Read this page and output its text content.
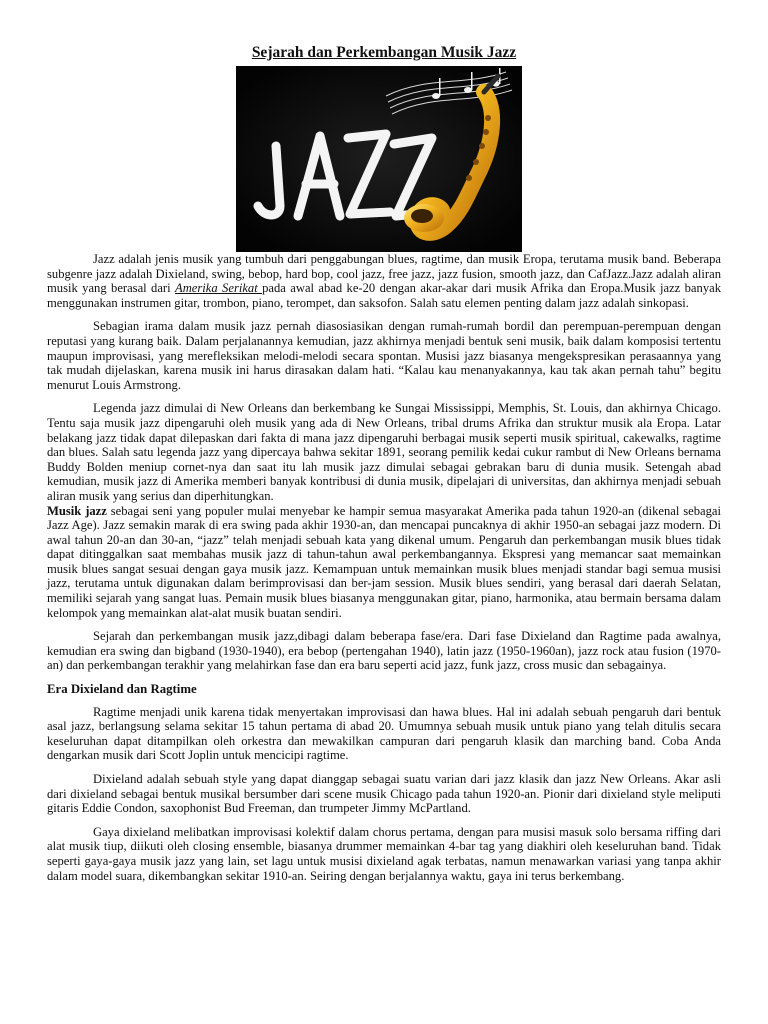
Sejarah dan Perkembangan Musik Jazz

Jazz adalah jenis musik yang tumbuh dari penggabungan blues, ragtime, dan musik Eropa, terutama musik band. Beberapa subgenre jazz adalah Dixieland, swing, bebop, hard bop, cool jazz, free jazz, jazz fusion, smooth jazz, dan CafJazz.Jazz adalah aliran musik yang berasal dari Amerika Serikat pada awal abad ke-20 dengan akar-akar dari musik Afrika dan Eropa.Musik jazz banyak menggunakan instrumen gitar, trombon, piano, terompet, dan saksofon. Salah satu elemen penting dalam jazz adalah sinkopasi.

Sebagian irama dalam musik jazz pernah diasosiasikan dengan rumah-rumah bordil dan perempuan-perempuan dengan reputasi yang kurang baik. Dalam perjalanannya kemudian, jazz akhirnya menjadi bentuk seni musik, baik dalam komposisi tertentu maupun improvisasi, yang merefleksikan melodi-melodi secara spontan. Musisi jazz biasanya mengekspresikan perasaannya yang tak mudah dijelaskan, karena musik ini harus dirasakan dalam hati. “Kalau kau menanyakannya, kau tak akan pernah tahu” begitu menurut Louis Armstrong.

Legenda jazz dimulai di New Orleans dan berkembang ke Sungai Mississippi, Memphis, St. Louis, dan akhirnya Chicago. Tentu saja musik jazz dipengaruhi oleh musik yang ada di New Orleans, tribal drums Afrika dan struktur musik ala Eropa. Latar belakang jazz tidak dapat dilepaskan dari fakta di mana jazz dipengaruhi berbagai musik seperti musik spiritual, cakewalks, ragtime dan blues. Salah satu legenda jazz yang dipercaya bahwa sekitar 1891, seorang pemilik kedai cukur rambut di New Orleans bernama Buddy Bolden meniup cornet-nya dan saat itu lah musik jazz dimulai sebagai gebrakan baru di dunia musik. Setengah abad kemudian, musik jazz di Amerika memberi banyak kontribusi di dunia musik, dipelajari di universitas, dan akhirnya menjadi sebuah aliran musik yang serius dan diperhitungkan.

Musik jazz sebagai seni yang populer mulai menyebar ke hampir semua masyarakat Amerika pada tahun 1920-an (dikenal sebagai Jazz Age). Jazz semakin marak di era swing pada akhir 1930-an, dan mencapai puncaknya di akhir 1950-an sebagai jazz modern. Di awal tahun 20-an dan 30-an, “jazz” telah menjadi sebuah kata yang dikenal umum. Pengaruh dan perkembangan musik blues tidak dapat ditinggalkan saat membahas musik jazz di tahun-tahun awal perkembangannya. Ekspresi yang memancar saat memainkan musik blues sangat sesuai dengan gaya musik jazz. Kemampuan untuk memainkan musik blues menjadi standar bagi semua musisi jazz, terutama untuk digunakan dalam berimprovisasi dan ber-jam session. Musik blues sendiri, yang berasal dari daerah Selatan, memiliki sejarah yang sangat luas. Pemain musik blues biasanya menggunakan gitar, piano, harmonika, atau bermain bersama dalam kelompok yang memainkan alat-alat musik buatan sendiri.

Sejarah dan perkembangan musik jazz,dibagi dalam beberapa fase/era. Dari fase Dixieland dan Ragtime pada awalnya, kemudian era swing dan bigband (1930-1940), era bebop (pertengahan 1940), latin jazz (1950-1960an), jazz rock atau fusion (1970-an) dan perkembangan terakhir yang melahirkan fase dan era baru seperti acid jazz, funk jazz, cross music dan sebagainya.

Era Dixieland dan Ragtime

Ragtime menjadi unik karena tidak menyertakan improvisasi dan hawa blues. Hal ini adalah sebuah pengaruh dari bentuk asal jazz, berlangsung selama sekitar 15 tahun pertama di abad 20. Umumnya sebuah musik untuk piano yang telah ditulis secara keseluruhan dapat ditampilkan oleh orkestra dan mewakilkan campuran dari pengaruh klasik dan marching band. Coba Anda dengarkan musik dari Scott Joplin untuk mencicipi ragtime.

Dixieland adalah sebuah style yang dapat dianggap sebagai suatu varian dari jazz klasik dan jazz New Orleans. Akar asli dari dixieland sebagai bentuk musikal bersumber dari scene musik Chicago pada tahun 1920-an. Pionir dari dixieland style meliputi gitaris Eddie Condon, saxophonist Bud Freeman, dan trumpeter Jimmy McPartland.

Gaya dixieland melibatkan improvisasi kolektif dalam chorus pertama, dengan para musisi masuk solo bersama riffing dari alat musik tiup, diikuti oleh closing ensemble, biasanya drummer memainkan 4-bar tag yang diakhiri oleh keseluruhan band. Tidak seperti gaya-gaya musik jazz yang lain, set lagu untuk musisi dixieland agak terbatas, namun menawarkan variasi yang tanpa akhir dalam model suara, dikembangkan sekitar 1910-an. Seiring dengan berjalannya waktu, gaya ini terus berkembang.
